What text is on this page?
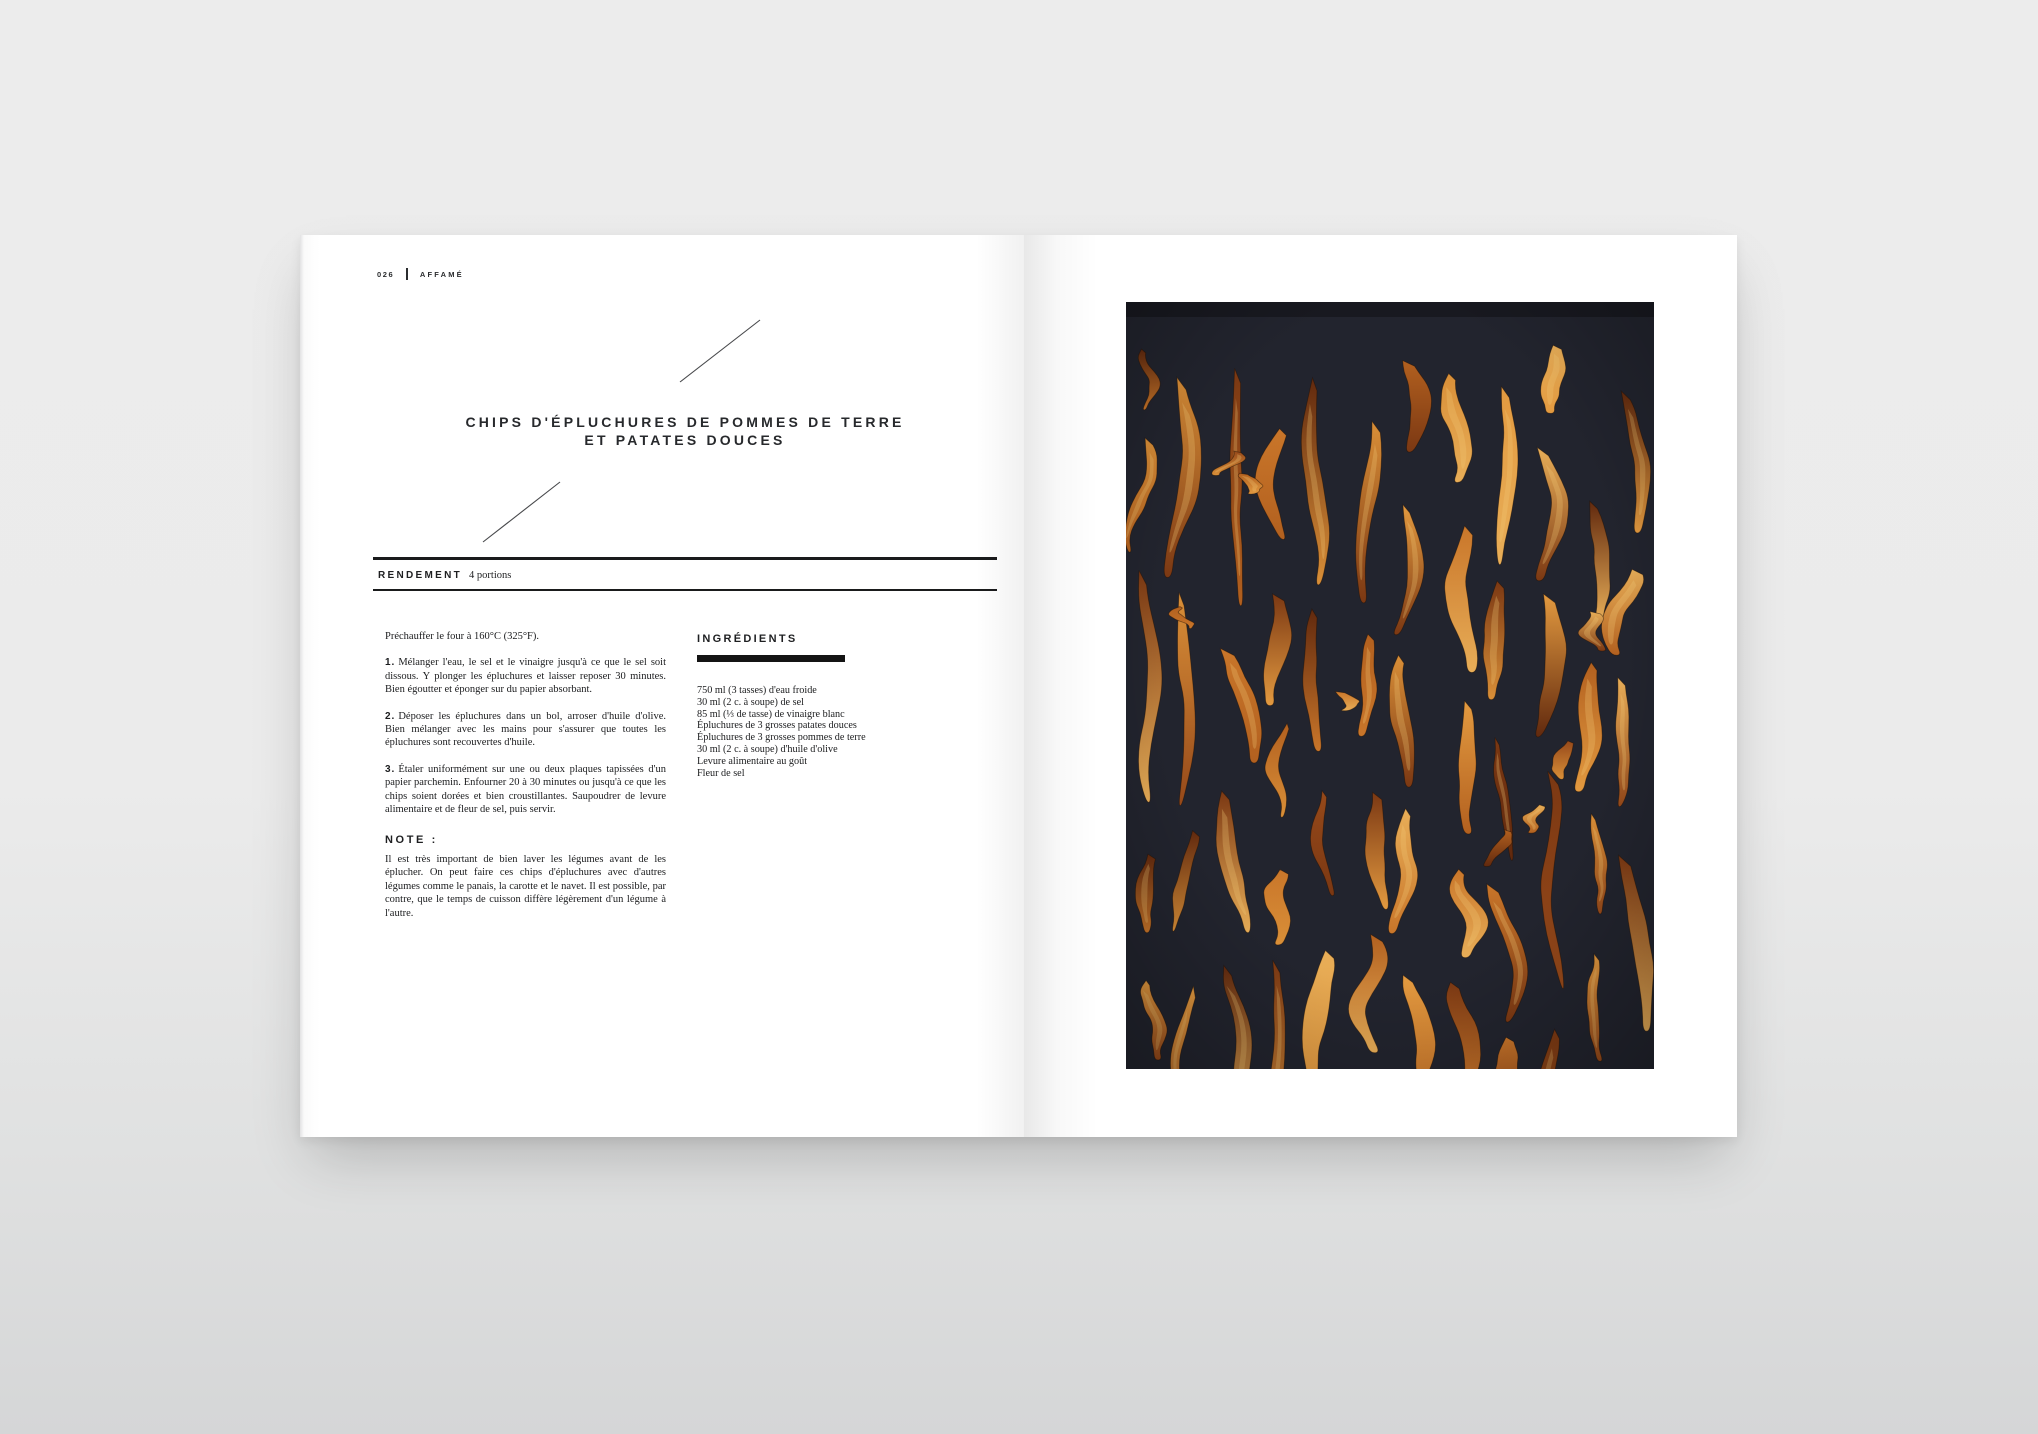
026	AFFAMÉ
CHIPS D'ÉPLUCHURES DE POMMES DE TERRE
ET PATATES DOUCES
RENDEMENT 4 portions

Préchauffer le four à 160°C (325°F).

1. Mélanger l'eau, le sel et le vinaigre jusqu'à ce que le sel soit dissous. Y plonger les épluchures et laisser reposer 30 minutes. Bien égoutter et éponger sur du papier absorbant.

2. Déposer les épluchures dans un bol, arroser d'huile d'olive. Bien mélanger avec les mains pour s'assurer que toutes les épluchures sont recouvertes d'huile.

3. Étaler uniformément sur une ou deux plaques tapissées d'un papier parchemin. Enfourner 20 à 30 minutes ou jusqu'à ce que les chips soient dorées et bien croustillantes. Saupoudrer de levure alimentaire et de fleur de sel, puis servir.

NOTE :

Il est très important de bien laver les légumes avant de les éplucher. On peut faire ces chips d'épluchures avec d'autres légumes comme le panais, la carotte et le navet. Il est possible, par contre, que le temps de cuisson diffère légèrement d'un légume à l'autre.

INGRÉDIENTS
750 ml (3 tasses) d'eau froide
30 ml (2 c. à soupe) de sel
85 ml (⅓ de tasse) de vinaigre blanc
Épluchures de 3 grosses patates douces
Épluchures de 3 grosses pommes de terre
30 ml (2 c. à soupe) d'huile d'olive
Levure alimentaire au goût
Fleur de sel
